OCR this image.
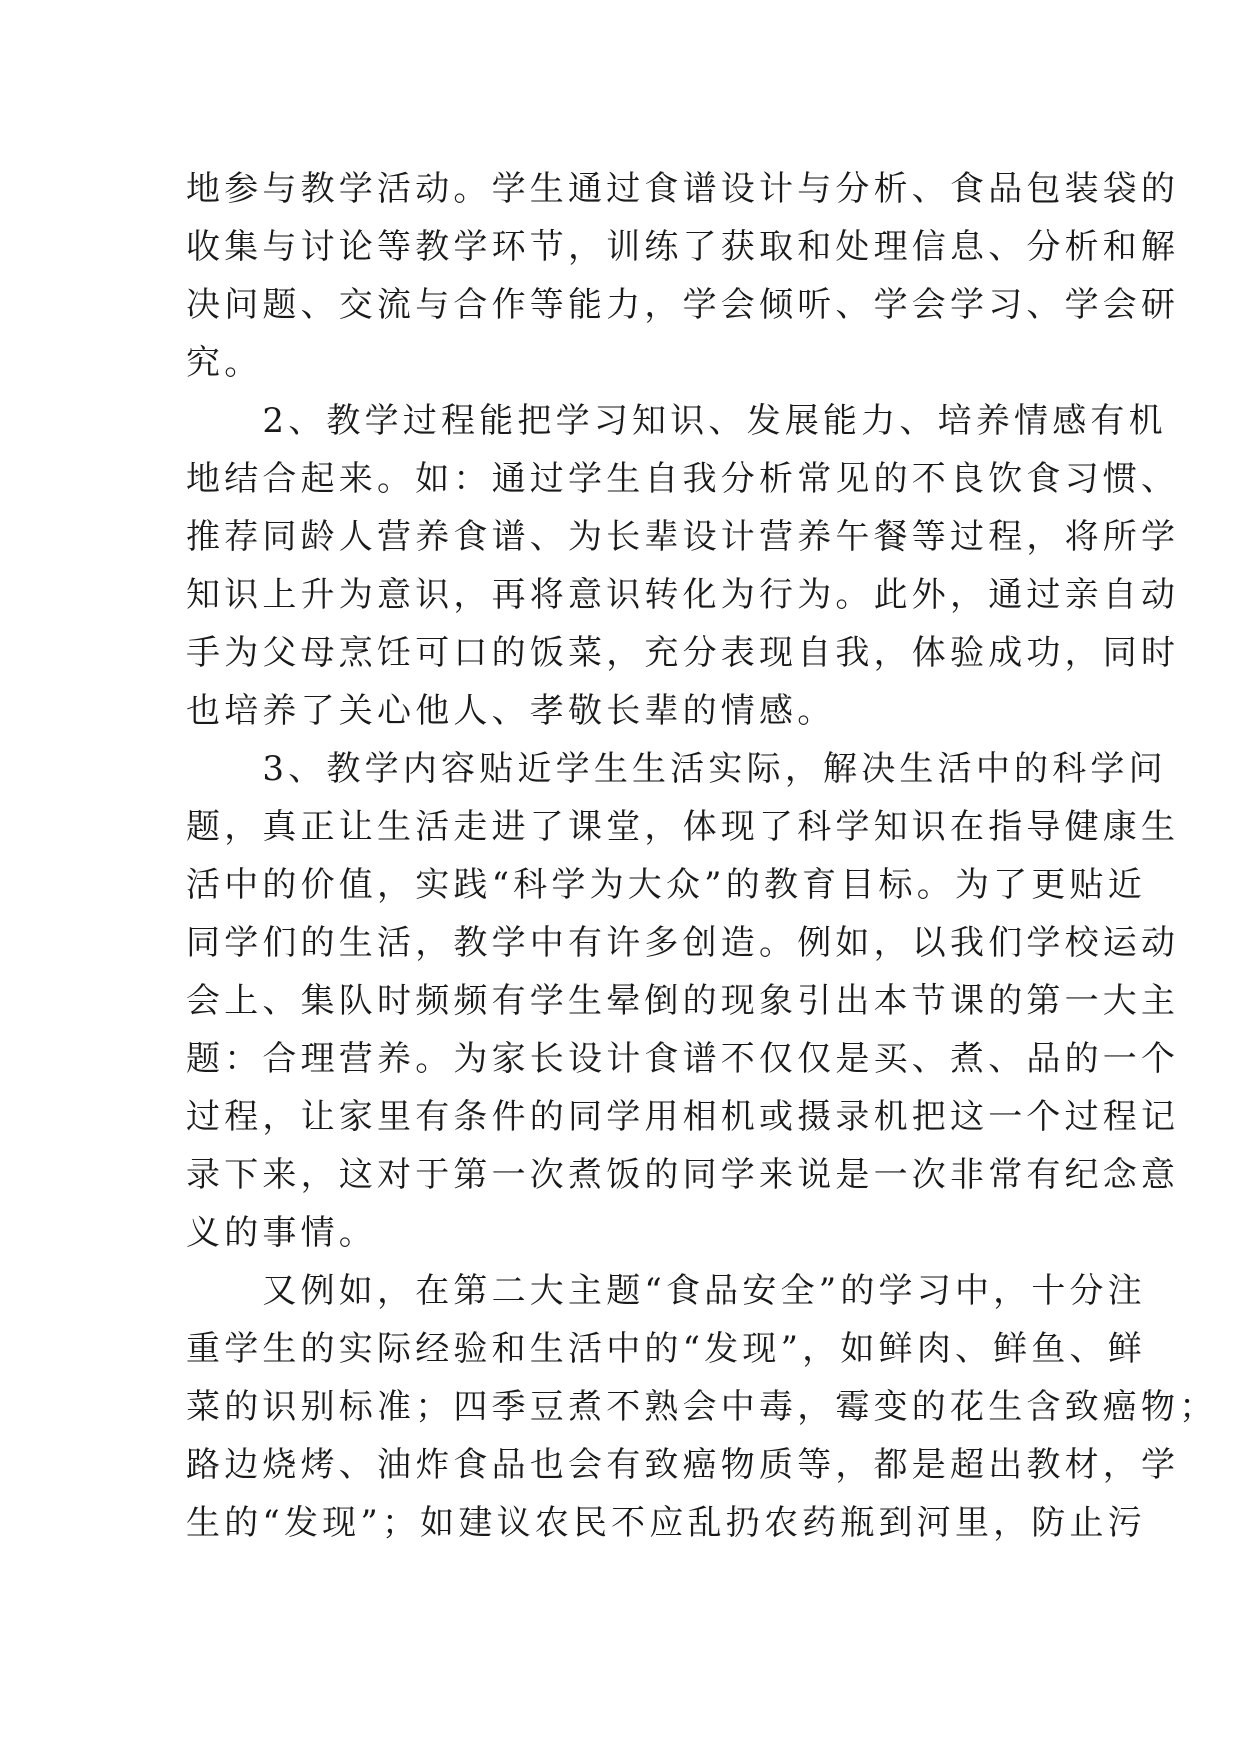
地参与教学活动。学生通过食谱设计与分析、食品包装袋的
收集与讨论等教学环节，训练了获取和处理信息、分析和解
决问题、交流与合作等能力，学会倾听、学会学习、学会研
究。
　　2、教学过程能把学习知识、发展能力、培养情感有机
地结合起来。如：通过学生自我分析常见的不良饮食习惯、
推荐同龄人营养食谱、为长辈设计营养午餐等过程，将所学
知识上升为意识，再将意识转化为行为。此外，通过亲自动
手为父母烹饪可口的饭菜，充分表现自我，体验成功，同时
也培养了关心他人、孝敬长辈的情感。
　　3、教学内容贴近学生生活实际，解决生活中的科学问
题，真正让生活走进了课堂，体现了科学知识在指导健康生
活中的价值，实践“科学为大众”的教育目标。为了更贴近
同学们的生活，教学中有许多创造。例如，以我们学校运动
会上、集队时频频有学生晕倒的现象引出本节课的第一大主
题：合理营养。为家长设计食谱不仅仅是买、煮、品的一个
过程，让家里有条件的同学用相机或摄录机把这一个过程记
录下来，这对于第一次煮饭的同学来说是一次非常有纪念意
义的事情。
　　又例如，在第二大主题“食品安全”的学习中，十分注
重学生的实际经验和生活中的“发现”，如鲜肉、鲜鱼、鲜
菜的识别标准；四季豆煮不熟会中毒，霉变的花生含致癌物；
路边烧烤、油炸食品也会有致癌物质等，都是超出教材，学
生的“发现”；如建议农民不应乱扔农药瓶到河里，防止污
